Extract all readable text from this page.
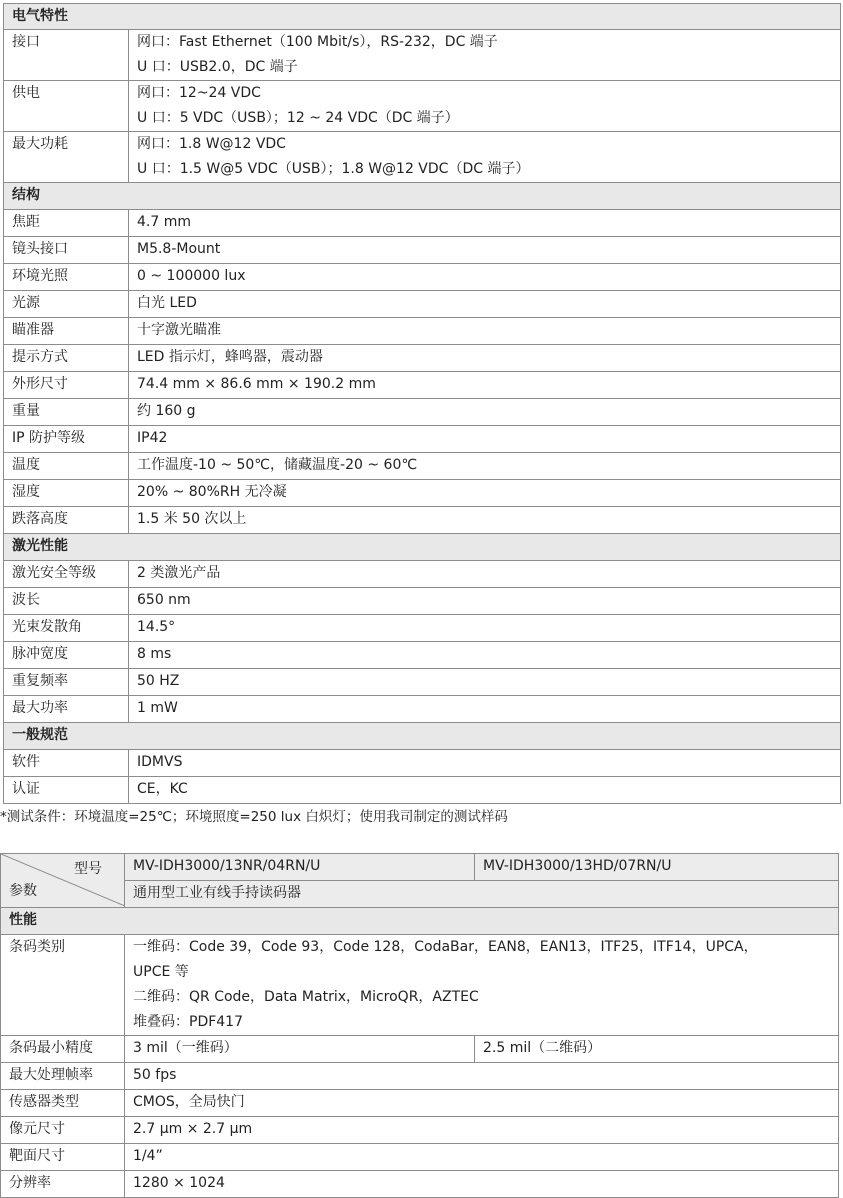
电气特性	
接口	网口：Fast Ethernet（100 Mbit/s），RS-232，DC 端子
U 口：USB2.0，DC 端子

供电	网口：12~24 VDC
U 口：5 VDC（USB）；12 ~ 24 VDC（DC 端子）

最大功耗	网口：1.8 W@12 VDC
U 口：1.5 W@5 VDC（USB）；1.8 W@12 VDC（DC 端子）

结构	
焦距	4.7 mm
镜头接口	M5.8-Mount
环境光照	0 ~ 100000 lux
光源	白光 LED
瞄准器	十字激光瞄准
提示方式	LED 指示灯，蜂鸣器，震动器
外形尺寸	74.4 mm × 86.6 mm × 190.2 mm
重量	约 160 g
IP 防护等级	IP42
温度	工作温度-10 ~ 50℃，储藏温度-20 ~ 60℃
湿度	20% ~ 80%RH 无冷凝
跌落高度	1.5 米 50 次以上
激光性能	
激光安全等级	2 类激光产品
波长	650 nm
光束发散角	14.5°
脉冲宽度	8 ms
重复频率	50 HZ
最大功率	1 mW
一般规范	
软件	IDMVS
认证	CE，KC
*测试条件：环境温度=25℃；环境照度=250 lux 白炽灯；使用我司制定的测试样码
型号
参数	MV-IDH3000/13NR/04RN/U	MV-IDH3000/13HD/07RN/U
	通用型工业有线手持读码器	
性能		
条码类别	一维码：Code 39，Code 93，Code 128，CodaBar，EAN8，EAN13，ITF25，ITF14，UPCA，
UPCE 等
二维码：QR Code，Data Matrix，MicroQR，AZTEC
堆叠码：PDF417	

条码最小精度	3 mil（一维码）	2.5 mil（二维码）
最大处理帧率	50 fps	
传感器类型	CMOS，全局快门	
像元尺寸	2.7 μm × 2.7 μm	
靶面尺寸	1/4”	
分辨率	1280 × 1024	
